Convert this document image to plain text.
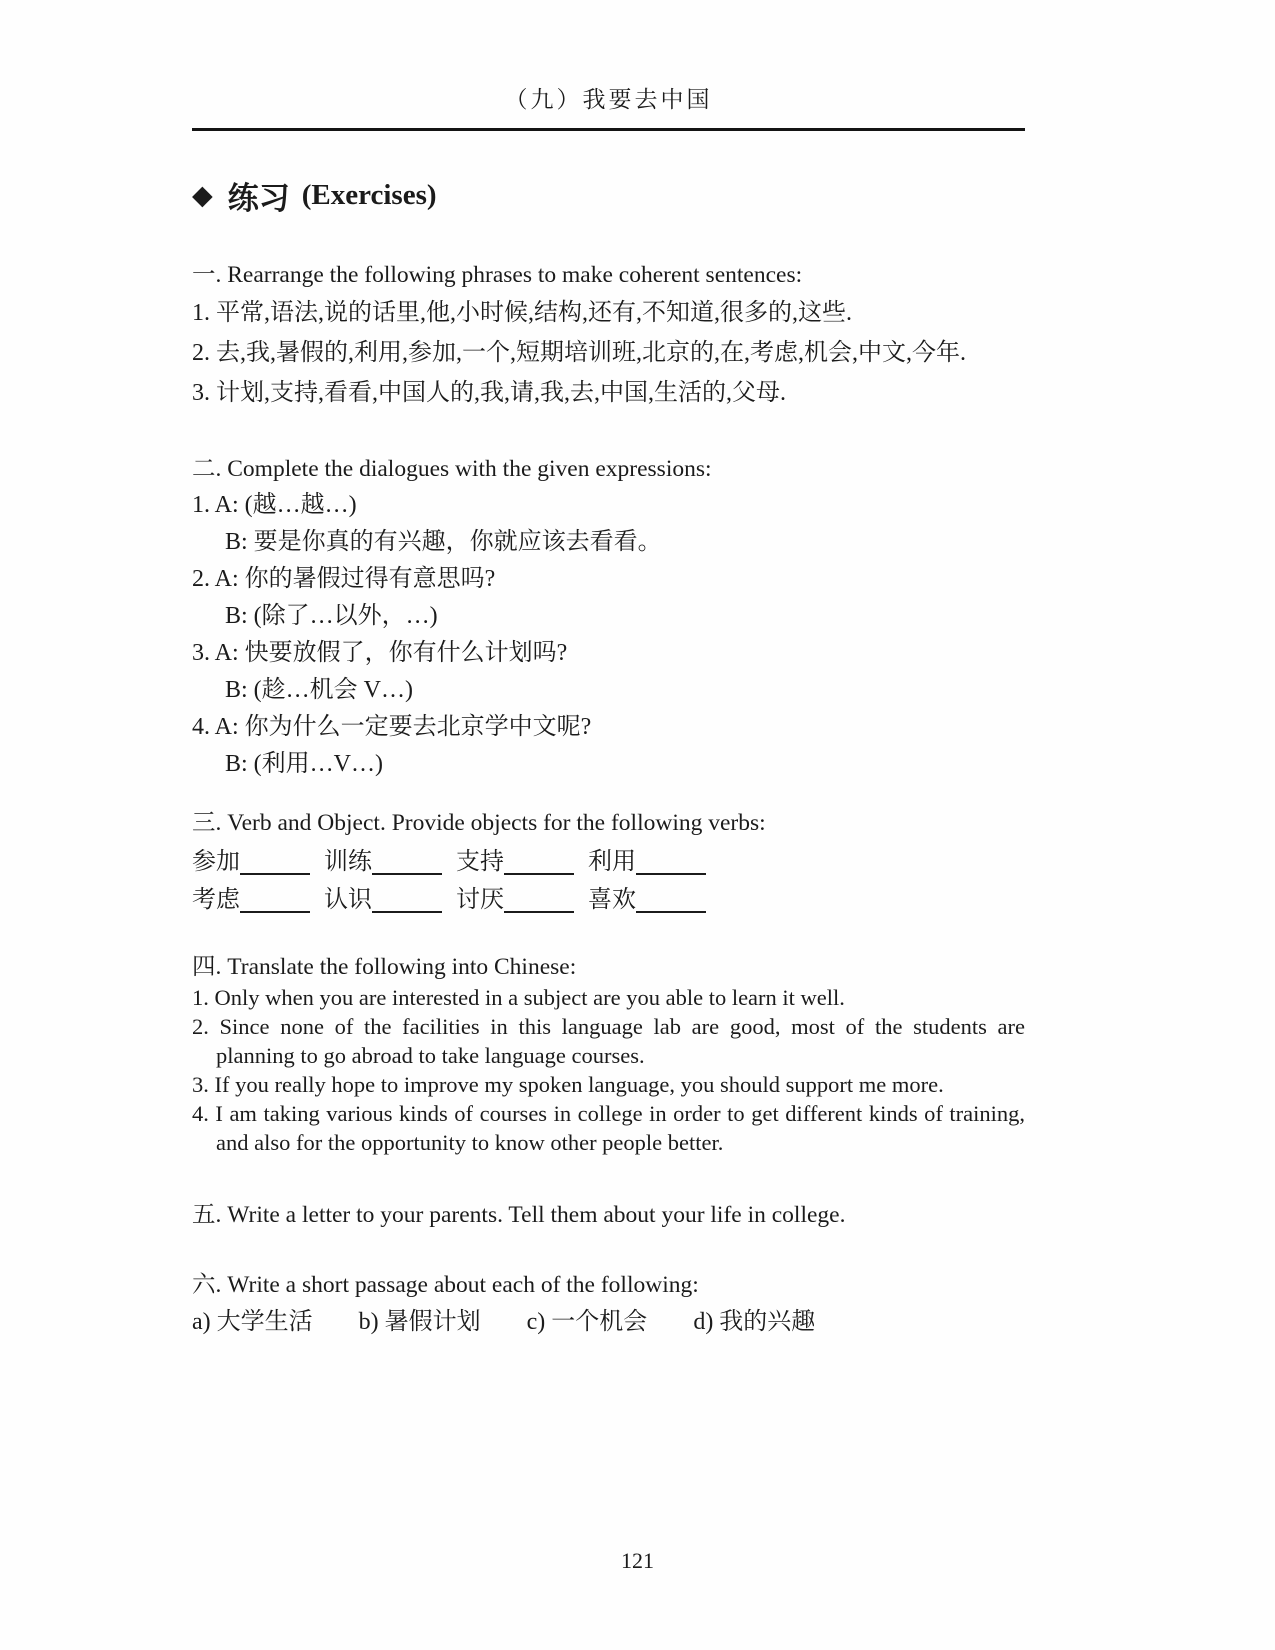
（九）我要去中国

◆ 练习 (Exercises)

一. Rearrange the following phrases to make coherent sentences:

1. 平常,语法,说的话里,他,小时候,结构,还有,不知道,很多的,这些.

2. 去,我,暑假的,利用,参加,一个,短期培训班,北京的,在,考虑,机会,中文,今年.

3. 计划,支持,看看,中国人的,我,请,我,去,中国,生活的,父母.

二. Complete the dialogues with the given expressions:

1. A: (越…越…)

B: 要是你真的有兴趣，你就应该去看看。

2. A: 你的暑假过得有意思吗?

B: (除了…以外，…)

3. A: 快要放假了，你有什么计划吗?

B: (趁…机会 V…)

4. A: 你为什么一定要去北京学中文呢?

B: (利用…V…)

三. Verb and Object. Provide objects for the following verbs:

参加	训练	支持	利用
考虑	认识	讨厌	喜欢

四. Translate the following into Chinese:

1. Only when you are interested in a subject are you able to learn it well.

2. Since none of the facilities in this language lab are good, most of the students are planning to go abroad to take language courses.

3. If you really hope to improve my spoken language, you should support me more.

4. I am taking various kinds of courses in college in order to get different kinds of training, and also for the opportunity to know other people better.

五. Write a letter to your parents. Tell them about your life in college.

六. Write a short passage about each of the following:

a) 大学生活 b) 暑假计划 c) 一个机会 d) 我的兴趣

121
